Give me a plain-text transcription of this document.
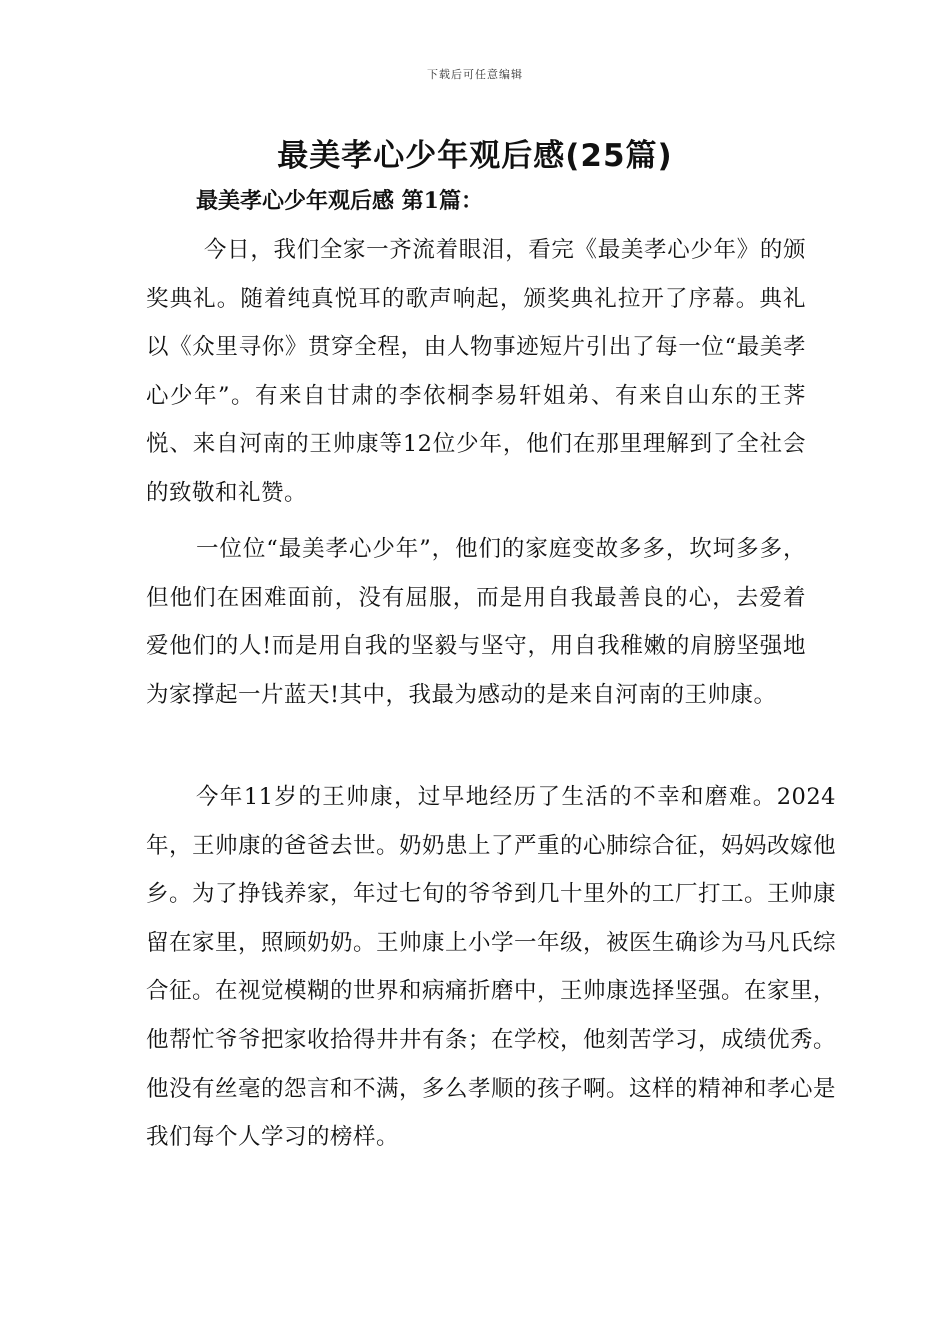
下载后可任意编辑
最美孝心少年观后感(25篇)
最美孝心少年观后感 第1篇：

今日，我们全家一齐流着眼泪，看完《最美孝心少年》的颁奖典礼。随着纯真悦耳的歌声响起，颁奖典礼拉开了序幕。典礼以《众里寻你》贯穿全程，由人物事迹短片引出了每一位“最美孝心少年”。有来自甘肃的李依桐李易轩姐弟、有来自山东的王荠悦、来自河南的王帅康等12位少年，他们在那里理解到了全社会的致敬和礼赞。

一位位“最美孝心少年”，他们的家庭变故多多，坎坷多多，但他们在困难面前，没有屈服，而是用自我最善良的心，去爱着爱他们的人!而是用自我的坚毅与坚守，用自我稚嫩的肩膀坚强地为家撑起一片蓝天!其中，我最为感动的是来自河南的王帅康。

今年11岁的王帅康，过早地经历了生活的不幸和磨难。2024年，王帅康的爸爸去世。奶奶患上了严重的心肺综合征，妈妈改嫁他乡。为了挣钱养家，年过七旬的爷爷到几十里外的工厂打工。王帅康留在家里，照顾奶奶。王帅康上小学一年级，被医生确诊为马凡氏综合征。在视觉模糊的世界和病痛折磨中，王帅康选择坚强。在家里，他帮忙爷爷把家收拾得井井有条；在学校，他刻苦学习，成绩优秀。他没有丝毫的怨言和不满，多么孝顺的孩子啊。这样的精神和孝心是我们每个人学习的榜样。
